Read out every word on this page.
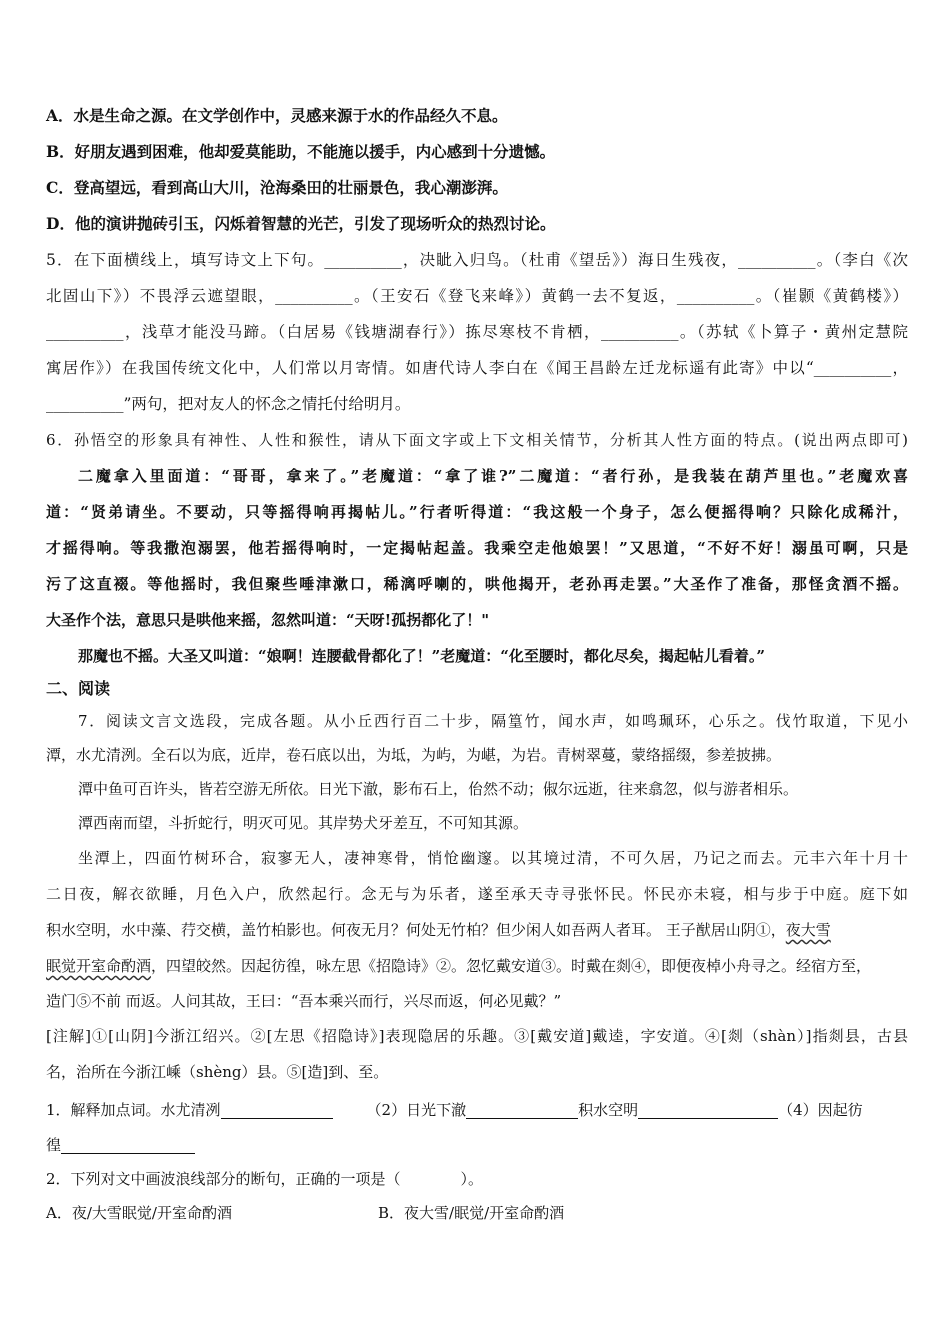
A．水是生命之源。在文学创作中，灵感来源于水的作品经久不息。
B．好朋友遇到困难，他却爱莫能助，不能施以援手，内心感到十分遗憾。
C．登高望远，看到高山大川，沧海桑田的壮丽景色，我心潮澎湃。
D．他的演讲抛砖引玉，闪烁着智慧的光芒，引发了现场听众的热烈讨论。
5．在下面横线上，填写诗文上下句。__________，决眦入归鸟。（杜甫《望岳》）海日生残夜，__________。（李白《次
北固山下》）不畏浮云遮望眼，__________。（王安石《登飞来峰》）黄鹤一去不复返，__________。（崔颢《黄鹤楼》）
__________，浅草才能没马蹄。（白居易《钱塘湖春行》）拣尽寒枝不肯栖，__________。（苏轼《卜算子・黄州定慧院
寓居作》）在我国传统文化中，人们常以月寄情。如唐代诗人李白在《闻王昌龄左迁龙标遥有此寄》中以“__________，
__________”两句，把对友人的怀念之情托付给明月。
6．孙悟空的形象具有神性、人性和猴性，请从下面文字或上下文相关情节，分析其人性方面的特点。(说出两点即可)
二魔拿入里面道：“哥哥，拿来了。”老魔道：“拿了谁?”二魔道：“者行孙，是我装在葫芦里也。”老魔欢喜
道：“贤弟请坐。不要动，只等摇得响再揭帖儿。”行者听得道：“我这般一个身子，怎么便摇得响？只除化成稀汁，
才摇得响。等我撒泡溺罢，他若摇得响时，一定揭帖起盖。我乘空走他娘罢！”又思道，“不好不好！溺虽可啊，只是
污了这直裰。等他摇时，我但聚些唾津漱口，稀漓呼喇的，哄他揭开，老孙再走罢。”大圣作了准备，那怪贪酒不摇。
大圣作个法，意思只是哄他来摇，忽然叫道：“天呀!孤拐都化了！"
那魔也不摇。大圣又叫道：“娘啊！连腰截骨都化了！”老魔道：“化至腰时，都化尽矣，揭起帖儿看着。”
二、阅读
7．阅读文言文选段，完成各题。从小丘西行百二十步，隔篁竹，闻水声，如鸣珮环，心乐之。伐竹取道，下见小
潭，水尤清洌。全石以为底，近岸，卷石底以出，为坻，为屿，为嵁，为岩。青树翠蔓，蒙络摇缀，参差披拂。
潭中鱼可百许头，皆若空游无所依。日光下澈，影布石上，佁然不动；俶尔远逝，往来翕忽，似与游者相乐。
潭西南而望，斗折蛇行，明灭可见。其岸势犬牙差互，不可知其源。
坐潭上，四面竹树环合，寂寥无人，凄神寒骨，悄怆幽邃。以其境过清，不可久居，乃记之而去。元丰六年十月十
二日夜，解衣欲睡，月色入户，欣然起行。念无与为乐者，遂至承天寺寻张怀民。怀民亦未寝，相与步于中庭。庭下如
积水空明，水中藻、荇交横，盖竹柏影也。何夜无月？何处无竹柏？但少闲人如吾两人者耳。 王子猷居山阴①，夜大雪
眠觉开室命酌酒，四望皎然。因起彷徨，咏左思《招隐诗》②。忽忆戴安道③。时戴在剡④，即便夜棹小舟寻之。经宿方至，
造门⑤不前 而返。人问其故，王曰：“吾本乘兴而行，兴尽而返，何必见戴？”
[注解]①[山阴]今浙江绍兴。②[左思《招隐诗》]表现隐居的乐趣。③[戴安道]戴逵，字安道。④[剡（shàn）]指剡县，古县
名，治所在今浙江嵊（shèng）县。⑤[造]到、至。
1．解释加点词。水尤清冽	（2）日光下澈	积水空明	（4）因起彷
徨
2．下列对文中画波浪线部分的断句，正确的一项是（　　　　）。
A．夜/大雪眠觉/开室命酌酒	B．夜大雪/眠觉/开室命酌酒
